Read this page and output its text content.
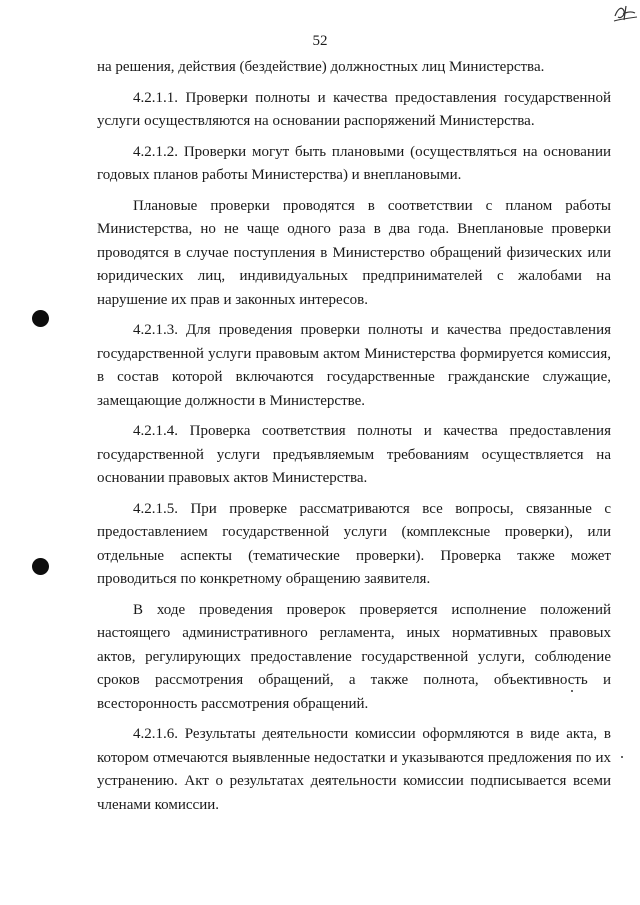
52

на решения, действия (бездействие) должностных лиц Министерства.

4.2.1.1. Проверки полноты и качества предоставления государственной услуги осуществляются на основании распоряжений Министерства.

4.2.1.2. Проверки могут быть плановыми (осуществляться на основании годовых планов работы Министерства) и внеплановыми.

Плановые проверки проводятся в соответствии с планом работы Министерства, но не чаще одного раза в два года. Внеплановые проверки проводятся в случае поступления в Министерство обращений физических или юридических лиц, индивидуальных предпринимателей с жалобами на нарушение их прав и законных интересов.

4.2.1.3. Для проведения проверки полноты и качества предоставления государственной услуги правовым актом Министерства формируется комиссия, в состав которой включаются государственные гражданские служащие, замещающие должности в Министерстве.

4.2.1.4. Проверка соответствия полноты и качества предоставления государственной услуги предъявляемым требованиям осуществляется на основании правовых актов Министерства.

4.2.1.5. При проверке рассматриваются все вопросы, связанные с предоставлением государственной услуги (комплексные проверки), или отдельные аспекты (тематические проверки). Проверка также может проводиться по конкретному обращению заявителя.

В ходе проведения проверок проверяется исполнение положений настоящего административного регламента, иных нормативных правовых актов, регулирующих предоставление государственной услуги, соблюдение сроков рассмотрения обращений, а также полнота, объективность и всесторонность рассмотрения обращений.

4.2.1.6. Результаты деятельности комиссии оформляются в виде акта, в котором отмечаются выявленные недостатки и указываются предложения по их устранению. Акт о результатах деятельности комиссии подписывается всеми членами комиссии.
